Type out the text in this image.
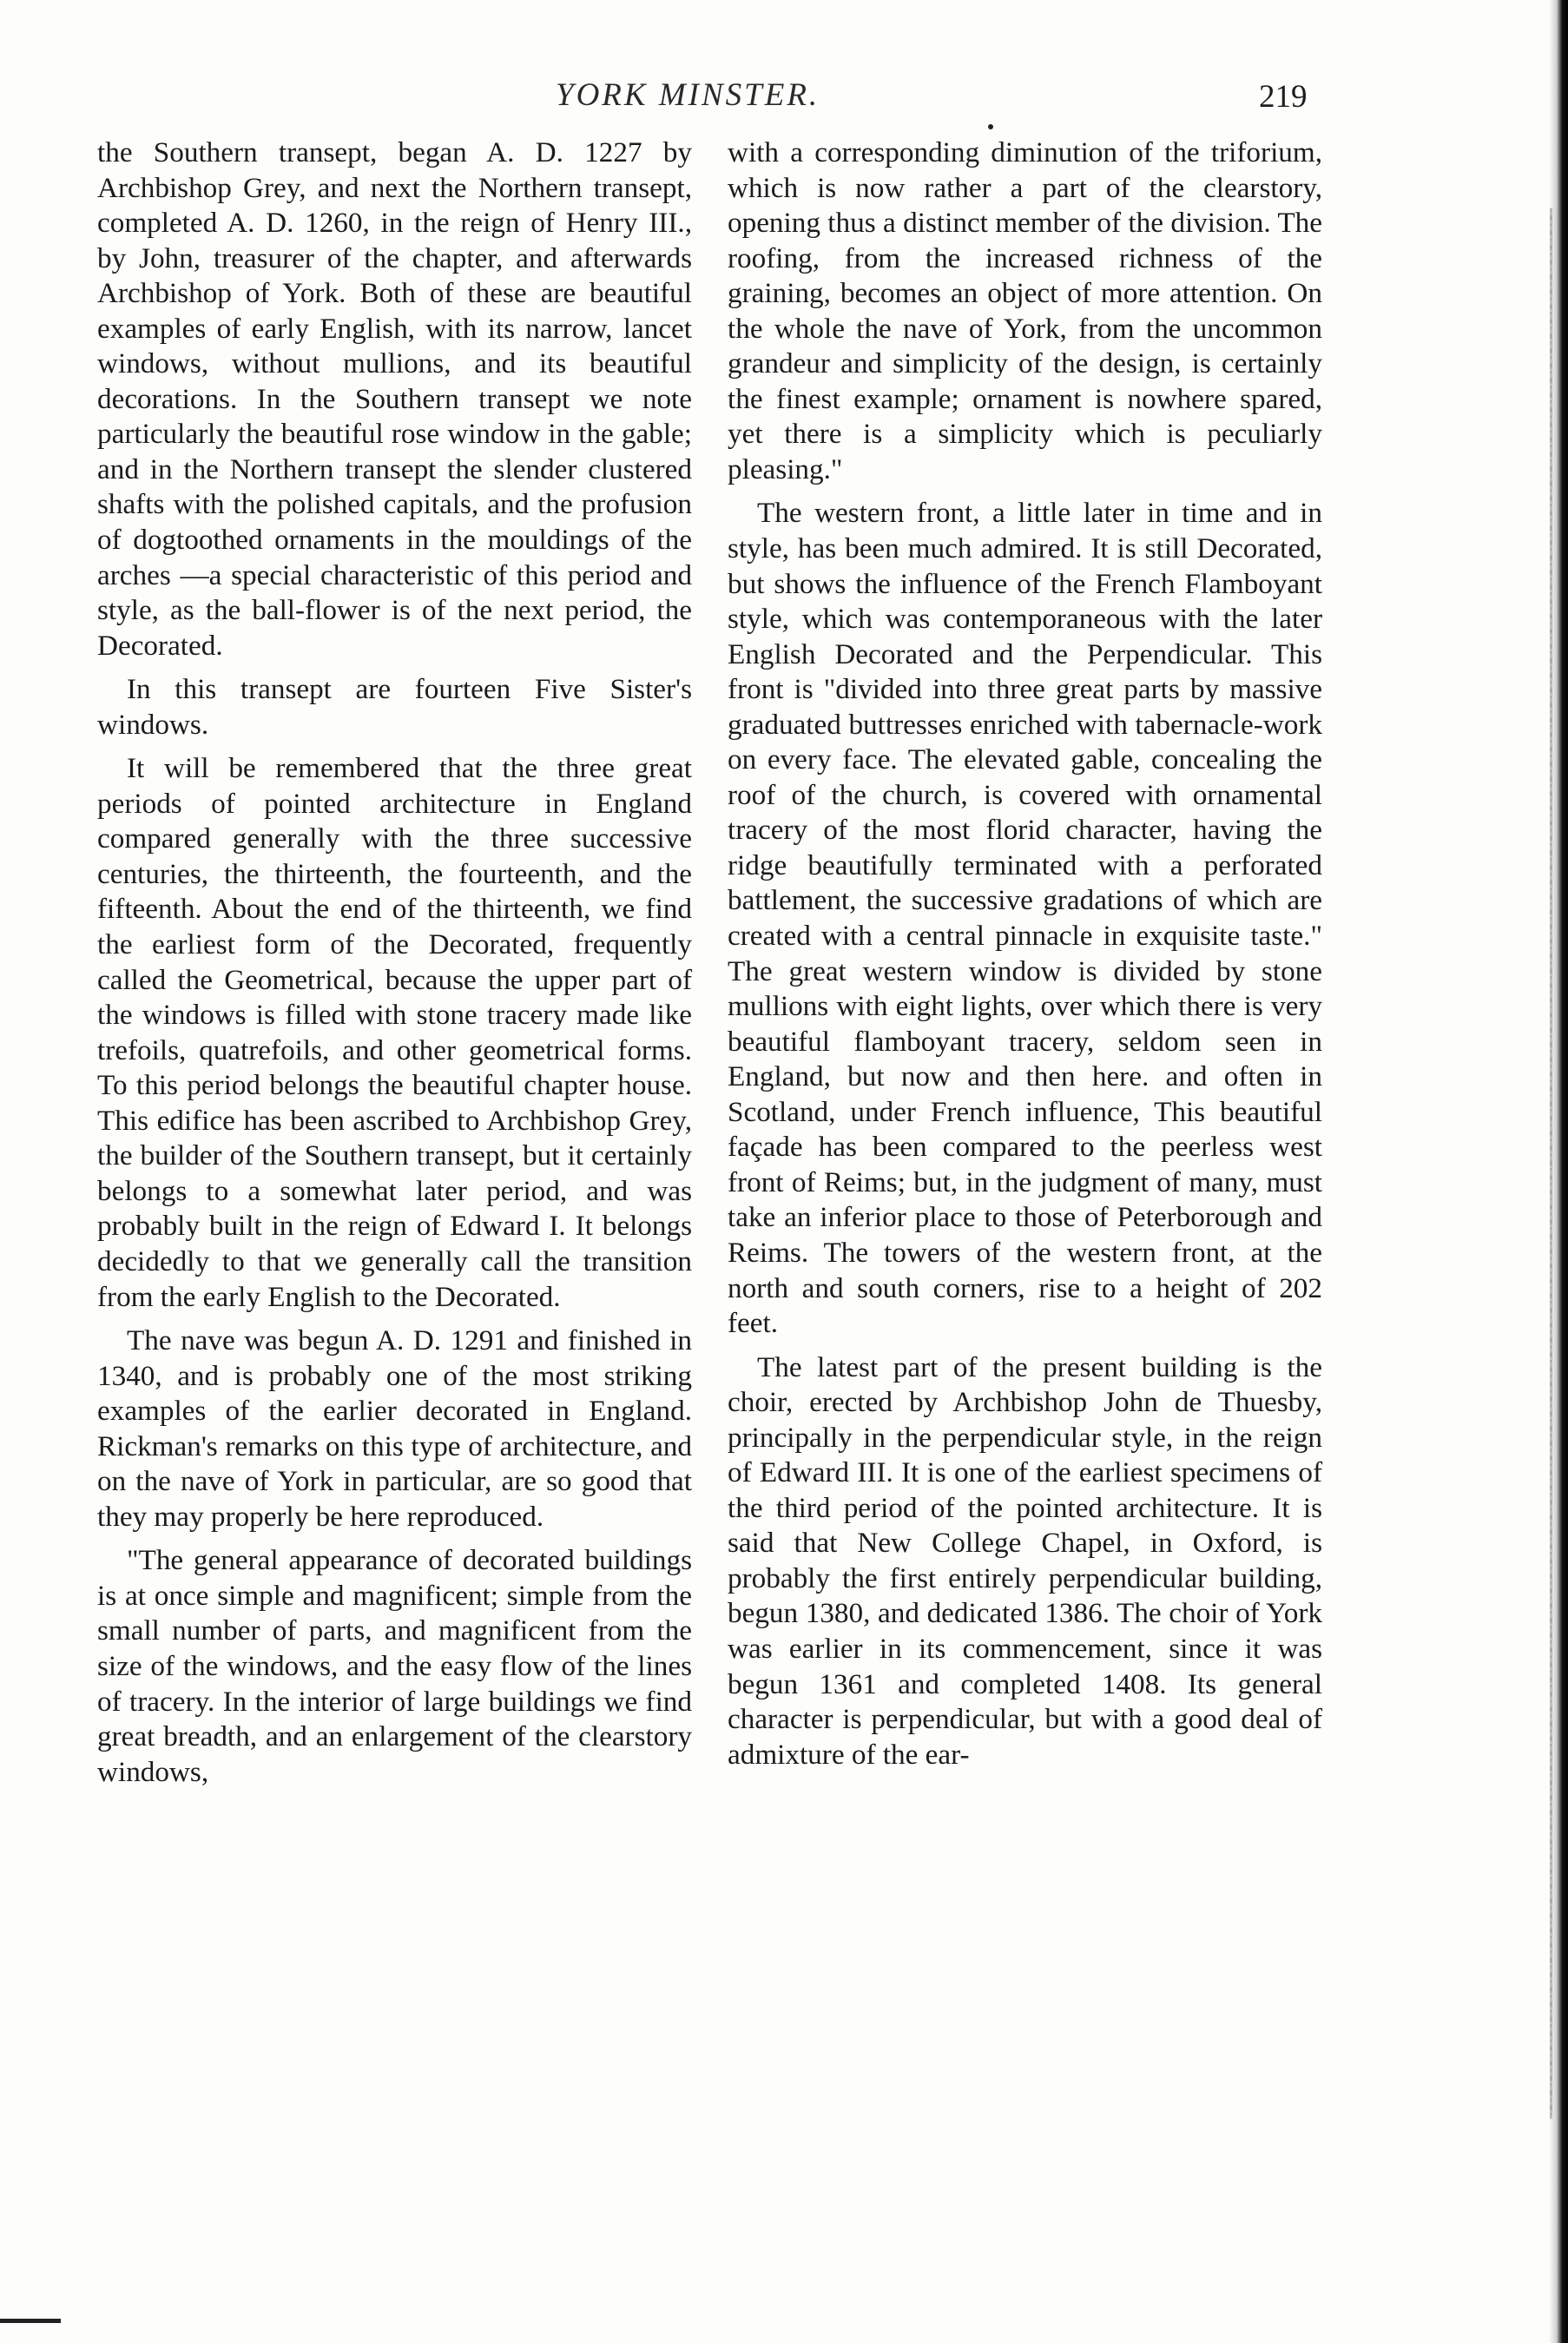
YORK MINSTER.	219

the Southern transept, began A. D. 1227 by Archbishop Grey, and next the Northern transept, completed A. D. 1260, in the reign of Henry III., by John, treasurer of the chapter, and afterwards Archbishop of York. Both of these are beautiful examples of early English, with its narrow, lancet windows, without mullions, and its beautiful decorations. In the Southern transept we note particularly the beautiful rose window in the gable; and in the Northern transept the slender clustered shafts with the polished capitals, and the profusion of dogtoothed ornaments in the mouldings of the arches —a special characteristic of this period and style, as the ball-flower is of the next period, the Decorated.

In this transept are fourteen Five Sister's windows.

It will be remembered that the three great periods of pointed architecture in England compared generally with the three successive centuries, the thirteenth, the fourteenth, and the fifteenth. About the end of the thirteenth, we find the earliest form of the Decorated, frequently called the Geometrical, because the upper part of the windows is filled with stone tracery made like trefoils, quatrefoils, and other geometrical forms. To this period belongs the beautiful chapter house. This edifice has been ascribed to Archbishop Grey, the builder of the Southern transept, but it certainly belongs to a somewhat later period, and was probably built in the reign of Edward I. It belongs decidedly to that we generally call the transition from the early English to the Decorated.

The nave was begun A. D. 1291 and finished in 1340, and is probably one of the most striking examples of the earlier decorated in England. Rickman's remarks on this type of architecture, and on the nave of York in particular, are so good that they may properly be here reproduced.

"The general appearance of decorated buildings is at once simple and magnificent; simple from the small number of parts, and magnificent from the size of the windows, and the easy flow of the lines of tracery. In the interior of large buildings we find great breadth, and an enlargement of the clearstory windows,

with a corresponding diminution of the triforium, which is now rather a part of the clearstory, opening thus a distinct member of the division. The roofing, from the increased richness of the graining, becomes an object of more attention. On the whole the nave of York, from the uncommon grandeur and simplicity of the design, is certainly the finest example; ornament is nowhere spared, yet there is a simplicity which is peculiarly pleasing."

The western front, a little later in time and in style, has been much admired. It is still Decorated, but shows the influence of the French Flamboyant style, which was contemporaneous with the later English Decorated and the Perpendicular. This front is "divided into three great parts by massive graduated buttresses enriched with tabernacle-work on every face. The elevated gable, concealing the roof of the church, is covered with ornamental tracery of the most florid character, having the ridge beautifully terminated with a perforated battlement, the successive gradations of which are created with a central pinnacle in exquisite taste." The great western window is divided by stone mullions with eight lights, over which there is very beautiful flamboyant tracery, seldom seen in England, but now and then here. and often in Scotland, under French influence, This beautiful façade has been compared to the peerless west front of Reims; but, in the judgment of many, must take an inferior place to those of Peterborough and Reims. The towers of the western front, at the north and south corners, rise to a height of 202 feet.

The latest part of the present building is the choir, erected by Archbishop John de Thuesby, principally in the perpendicular style, in the reign of Edward III. It is one of the earliest specimens of the third period of the pointed architecture. It is said that New College Chapel, in Oxford, is probably the first entirely perpendicular building, begun 1380, and dedicated 1386. The choir of York was earlier in its commencement, since it was begun 1361 and completed 1408. Its general character is perpendicular, but with a good deal of admixture of the ear-
